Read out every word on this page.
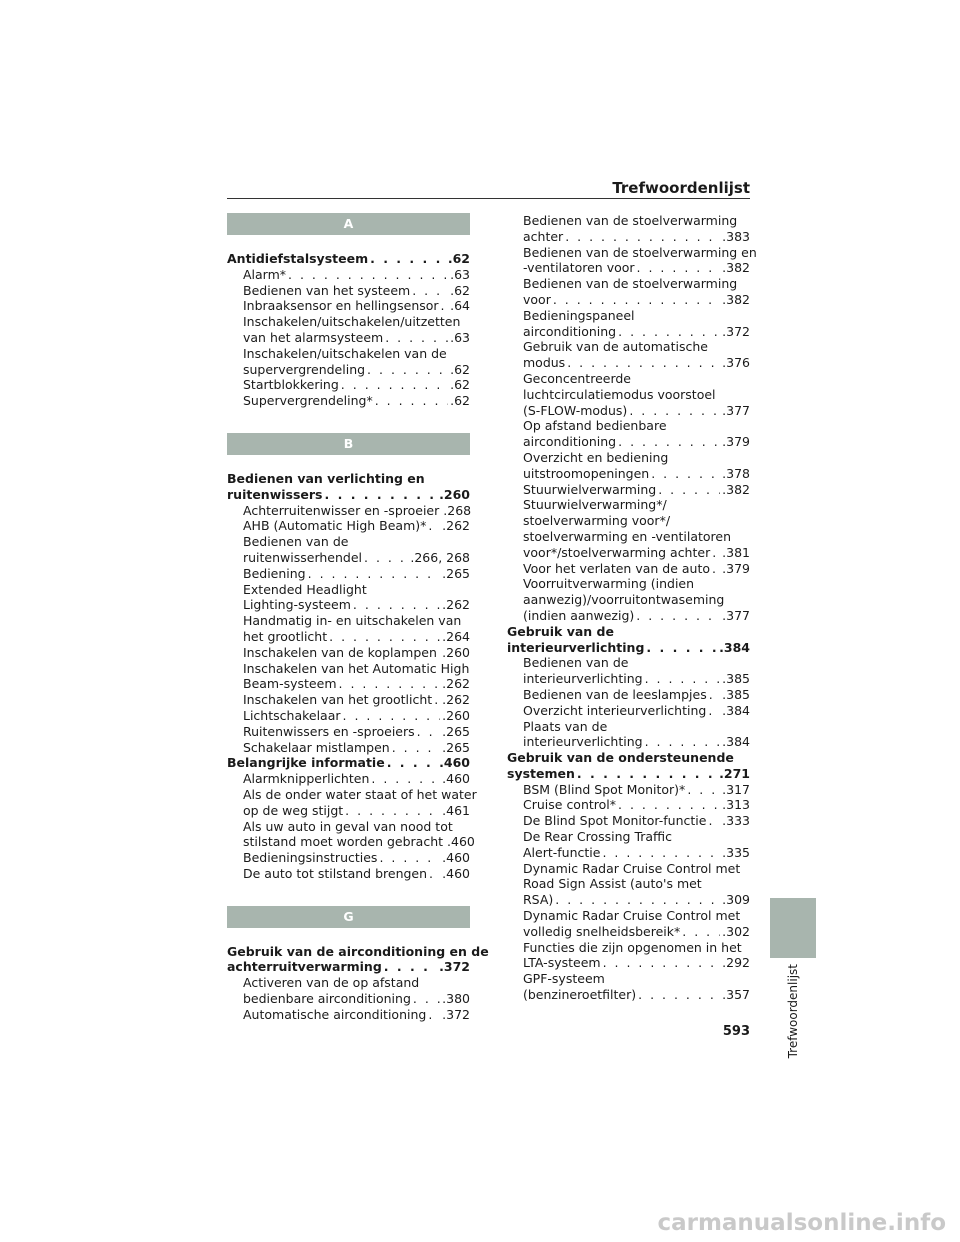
Trefwoordenlijst
A
Antidiefstalsysteem . . .	.62
Alarm* . . .	.63
Bedienen van het systeem . . .	.62
Inbraaksensor en hellingsensor . . . .64
Inschakelen/uitschakelen/uitzetten
van het alarmsysteem . . .	.63
Inschakelen/uitschakelen van de
supervergrendeling . . .	.62
Startblokkering . . .	.62
Supervergrendeling* . . .	.62
B
Bedienen van verlichting en
ruitenwissers . . .	.260
Achterruitenwisser en -sproeier .268
AHB (Automatic High Beam)* . . . .262
Bedienen van de
ruitenwisserhendel . . .	.266, 268
Bediening . . .	.265
Extended Headlight
Lighting-systeem . . .	.262
Handmatig in- en uitschakelen van
het grootlicht . . .	.264
Inschakelen van de koplampen . . . .260
Inschakelen van het Automatic High
Beam-systeem . . .	.262
Inschakelen van het grootlicht . . . .262
Lichtschakelaar . . .	.260
Ruitenwissers en -sproeiers . . . .265
Schakelaar mistlampen . . .	.265
Belangrijke informatie . . .	.460
Alarmknipperlichten . . .	.460
Als de onder water staat of het water
op de weg stijgt . . .	.461
Als uw auto in geval van nood tot
stilstand moet worden gebracht .460
Bedieningsinstructies . . .	.460
De auto tot stilstand brengen . . . .460
G
Gebruik van de airconditioning en de
achterruitverwarming . . .	.372
Activeren van de op afstand
bedienbare airconditioning . . .	.380
Automatische airconditioning . . . .372
Bedienen van de stoelverwarming
achter . . .	.383
Bedienen van de stoelverwarming en
-ventilatoren voor . . .	.382
Bedienen van de stoelverwarming
voor . . .	.382
Bedieningspaneel
airconditioning . . .	.372
Gebruik van de automatische
modus . . .	.376
Geconcentreerde
luchtcirculatiemodus voorstoel
(S-FLOW-modus) . . .	.377
Op afstand bedienbare
airconditioning . . .	.379
Overzicht en bediening
uitstroomopeningen . . .	.378
Stuurwielverwarming . . .	.382
Stuurwielverwarming*/
stoelverwarming voor*/
stoelverwarming en -ventilatoren
voor*/stoelverwarming achter . . . .381
Voor het verlaten van de auto . . . .379
Voorruitverwarming (indien
aanwezig)/voorruitontwaseming
(indien aanwezig) . . .	.377
Gebruik van de
interieurverlichting . . .	.384
Bedienen van de
interieurverlichting . . .	.385
Bedienen van de leeslampjes . . . .385
Overzicht interieurverlichting . . . .384
Plaats van de
interieurverlichting . . .	.384
Gebruik van de ondersteunende
systemen . . .	.271
BSM (Blind Spot Monitor)* . . .	.317
Cruise control* . . .	.313
De Blind Spot Monitor-functie . . . .333
De Rear Crossing Traffic
Alert-functie . . .	.335
Dynamic Radar Cruise Control met
Road Sign Assist (auto's met
RSA) . . .	.309
Dynamic Radar Cruise Control met
volledig snelheidsbereik* . . .	.302
Functies die zijn opgenomen in het
LTA-systeem . . .	.292
GPF-systeem
(benzineroetfilter) . . .	.357	Trefwoordenlijst
593
carmanualsonline.info
